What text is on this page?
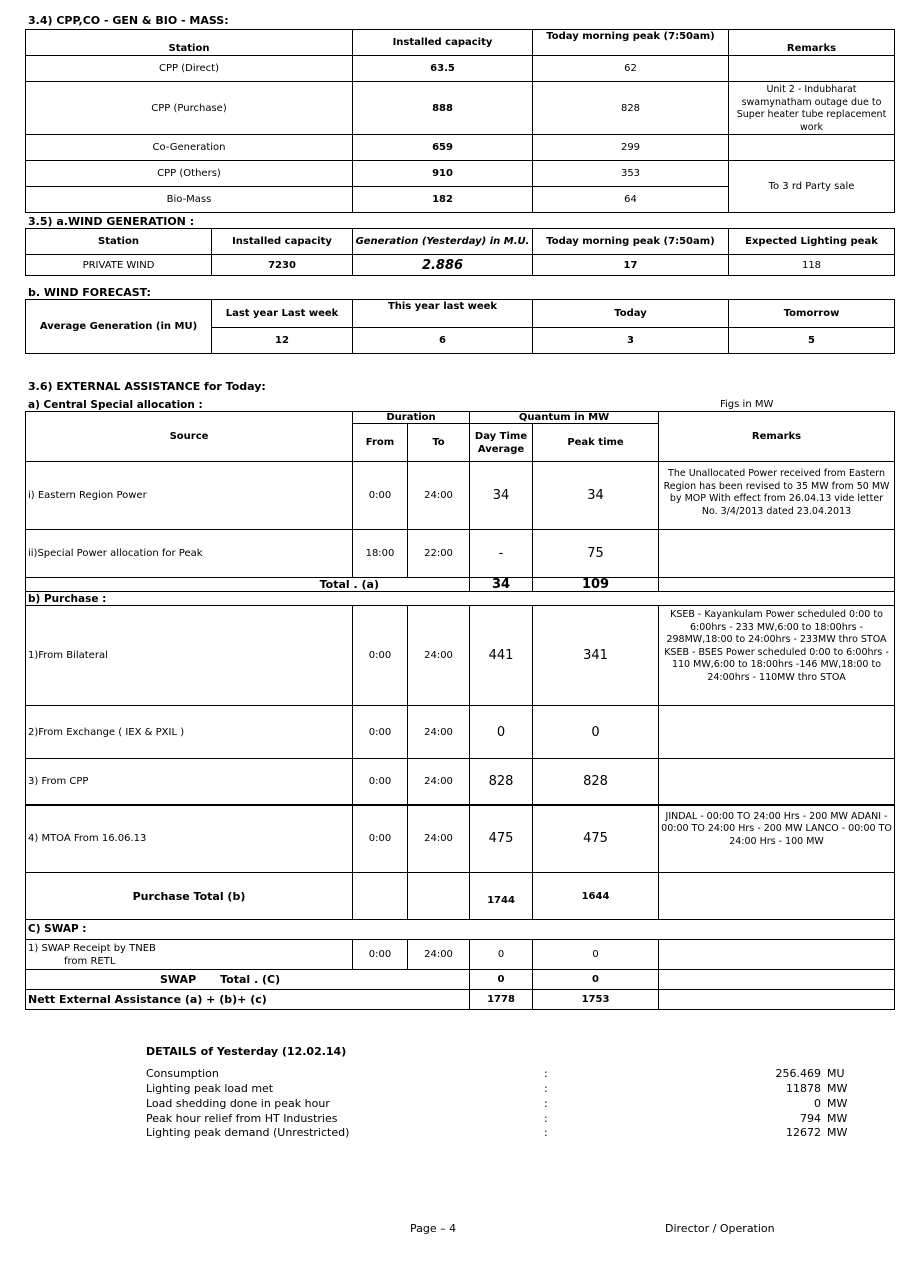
3.4) CPP,CO - GEN & BIO - MASS:
Station	Installed capacity	Today morning peak (7:50am)	Remarks
CPP (Direct)	63.5	62	
CPP (Purchase)	888	828	Unit 2 - Indubharat swamynatham outage due to Super heater tube replacement work
Co-Generation	659	299	
CPP (Others)	910	353	To 3 rd Party sale
Bio-Mass	182	64	
3.5) a.WIND GENERATION :
Station	Installed capacity	Generation (Yesterday) in M.U.	Today morning peak (7:50am)	Expected Lighting peak
PRIVATE WIND	7230	2.886	17	118
b. WIND FORECAST:
Average Generation (in MU)	Last year Last week	This year last week	Today	Tomorrow
	12	6	3	5
3.6) EXTERNAL ASSISTANCE for Today:
a) Central Special allocation :	Figs in MW
Source	Duration		Quantum in MW		Remarks
	From	To	Day Time Average	Peak time	
i) Eastern Region Power	0:00	24:00	34	34	The Unallocated Power received from Eastern Region has been revised to 35 MW from 50 MW by MOP With effect from 26.04.13 vide letter No. 3/4/2013 dated 23.04.2013
ii)Special Power allocation for Peak	18:00	22:00	-	75	
Total . (a)			34	109	
b) Purchase :					
1)From Bilateral	0:00	24:00	441	341	KSEB - Kayankulam Power scheduled 0:00 to 6:00hrs - 233 MW,6:00 to 18:00hrs - 298MW,18:00 to 24:00hrs - 233MW thro STOA KSEB - BSES Power scheduled 0:00 to 6:00hrs - 110 MW,6:00 to 18:00hrs -146 MW,18:00 to 24:00hrs - 110MW thro STOA
2)From Exchange ( IEX & PXIL )	0:00	24:00	0	0	
3) From CPP	0:00	24:00	828	828	
4) MTOA From 16.06.13	0:00	24:00	475	475	JINDAL - 00:00 TO 24:00 Hrs - 200 MW ADANI - 00:00 TO 24:00 Hrs - 200 MW LANCO - 00:00 TO 24:00 Hrs - 100 MW
Purchase Total (b)			1744	1644	
C) SWAP :					

1) SWAP Receipt by TNEB
from RETL	0:00	24:00	0	0	
SWAP Total . (C)			0	0	
Nett External Assistance (a) + (b)+ (c)			1778	1753	
DETAILS of Yesterday (12.02.14)
Consumption	:	256.469 MU
Lighting peak load met	:	11878 MW
Load shedding done in peak hour	:	0 MW
Peak hour relief from HT Industries	:	794 MW
Lighting peak demand (Unrestricted)	:	12672 MW
Page – 4	Director / Operation
